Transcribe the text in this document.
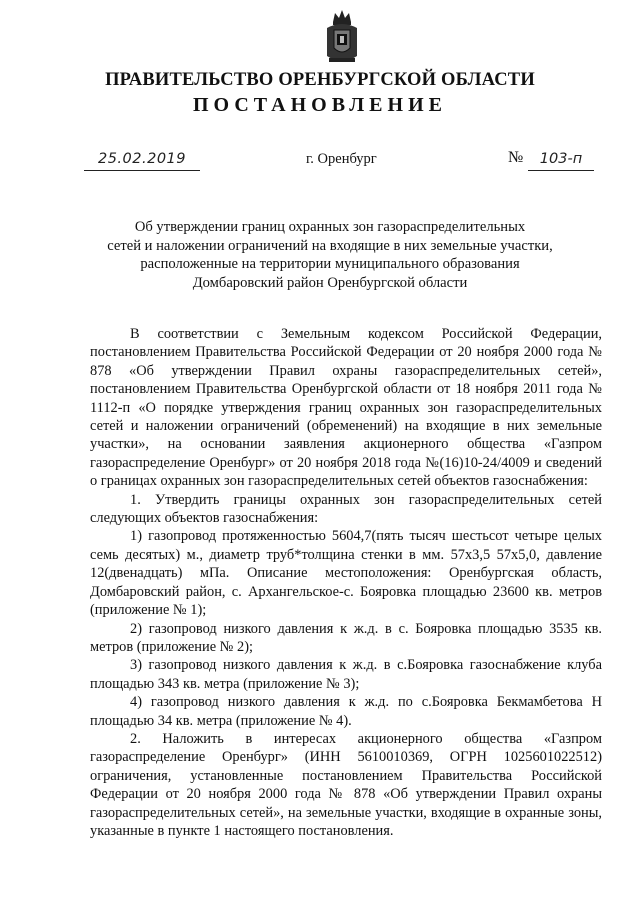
ПРАВИТЕЛЬСТВО ОРЕНБУРГСКОЙ ОБЛАСТИ
ПОСТАНОВЛЕНИЕ
25.02.2019	г. Оренбург	№	103-п
Об утверждении границ охранных зон газораспределительных
сетей и наложении ограничений на входящие в них земельные участки,
расположенные на территории муниципального образования
Домбаровский район Оренбургской области

В соответствии с Земельным кодексом Российской Федерации, постановлением Правительства Российской Федерации от 20 ноября 2000 года № 878 «Об утверждении Правил охраны газораспределительных сетей», постановлением Правительства Оренбургской области от 18 ноября 2011 года № 1112-п «О порядке утверждения границ охранных зон газораспределительных сетей и наложении ограничений (обременений) на входящие в них земельные участки», на основании заявления акционерного общества «Газпром газораспределение Оренбург» от 20 ноября 2018 года №(16)10-24/4009 и сведений о границах охранных зон газораспределительных сетей объектов газоснабжения:

1. Утвердить границы охранных зон газораспределительных сетей следующих объектов газоснабжения:

1) газопровод протяженностью 5604,7(пять тысяч шестьсот четыре целых семь десятых) м., диаметр труб*толщина стенки в мм. 57х3,5 57х5,0, давление 12(двенадцать) мПа. Описание местоположения: Оренбургская область, Домбаровский район, с. Архангельское-с. Бояровка площадью 23600 кв. метров (приложение № 1);

2) газопровод низкого давления к ж.д. в с. Бояровка площадью 3535 кв. метров (приложение № 2);

3) газопровод низкого давления к ж.д. в с.Бояровка газоснабжение клуба площадью 343 кв. метра (приложение № 3);

4) газопровод низкого давления к ж.д. по с.Бояровка Бекмамбетова Н площадью 34 кв. метра (приложение № 4).

2. Наложить в интересах акционерного общества «Газпром газораспределение Оренбург» (ИНН 5610010369, ОГРН 1025601022512) ограничения, установленные постановлением Правительства Российской Федерации от 20 ноября 2000 года № 878 «Об утверждении Правил охраны газораспределительных сетей», на земельные участки, входящие в охранные зоны, указанные в пункте 1 настоящего постановления.
